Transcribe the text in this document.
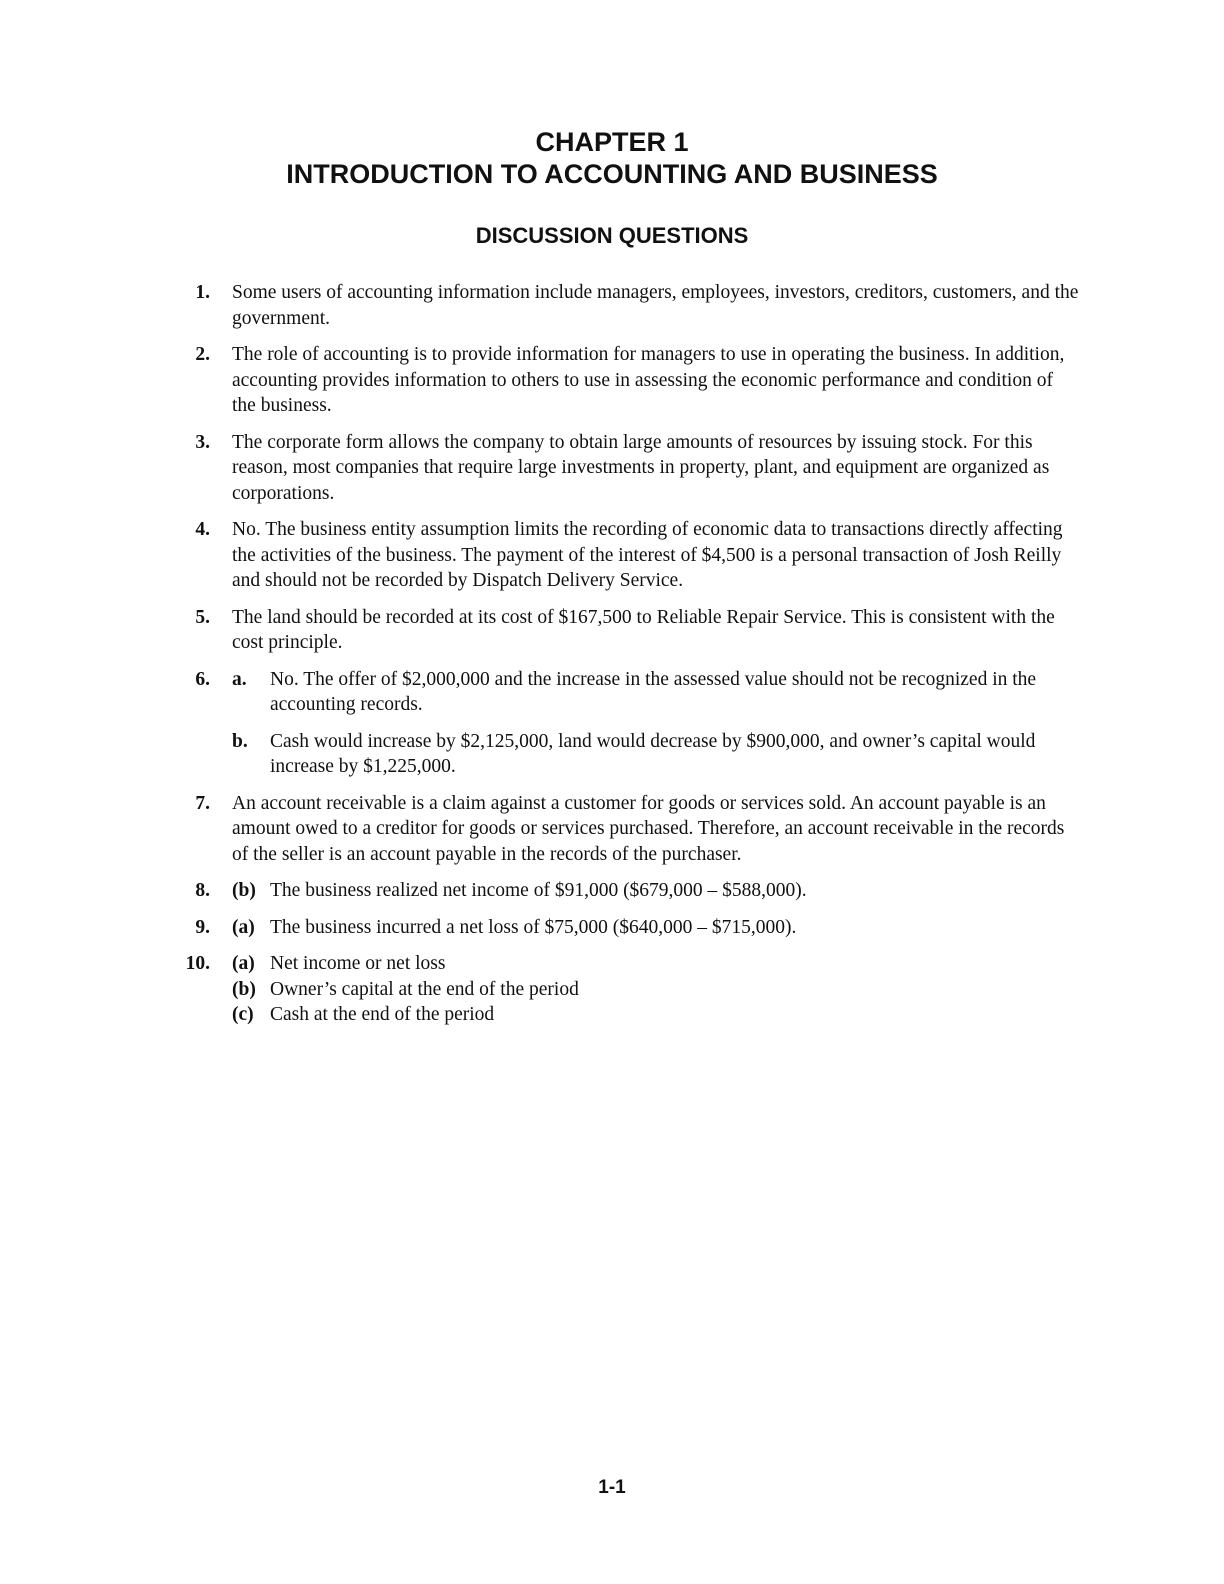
CHAPTER 1
INTRODUCTION TO ACCOUNTING AND BUSINESS
DISCUSSION QUESTIONS
1. Some users of accounting information include managers, employees, investors, creditors, customers, and the government.
2. The role of accounting is to provide information for managers to use in operating the business. In addition, accounting provides information to others to use in assessing the economic performance and condition of the business.
3. The corporate form allows the company to obtain large amounts of resources by issuing stock. For this reason, most companies that require large investments in property, plant, and equipment are organized as corporations.
4. No. The business entity assumption limits the recording of economic data to transactions directly affecting the activities of the business. The payment of the interest of $4,500 is a personal transaction of Josh Reilly and should not be recorded by Dispatch Delivery Service.
5. The land should be recorded at its cost of $167,500 to Reliable Repair Service. This is consistent with the cost principle.
6. a. No. The offer of $2,000,000 and the increase in the assessed value should not be recognized in the accounting records.
b. Cash would increase by $2,125,000, land would decrease by $900,000, and owner’s capital would increase by $1,225,000.
7. An account receivable is a claim against a customer for goods or services sold. An account payable is an amount owed to a creditor for goods or services purchased. Therefore, an account receivable in the records of the seller is an account payable in the records of the purchaser.
8. (b) The business realized net income of $91,000 ($679,000 – $588,000).
9. (a) The business incurred a net loss of $75,000 ($640,000 – $715,000).
10. (a) Net income or net loss
(b) Owner’s capital at the end of the period
(c) Cash at the end of the period
1-1
